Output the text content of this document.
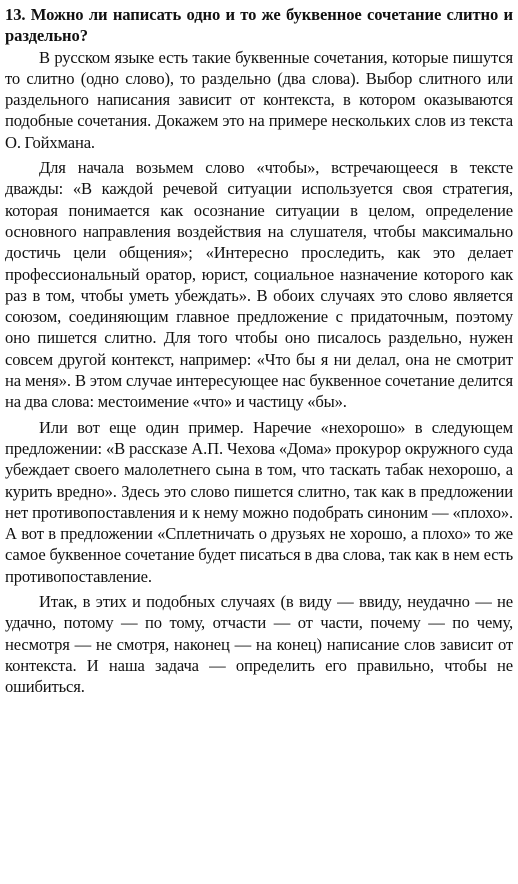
13. Можно ли написать одно и то же буквенное сочетание слитно и раздельно?

В русском языке есть такие буквенные сочетания, которые пишутся то слитно (одно слово), то раздельно (два слова). Выбор слитного или раздельного написания зависит от контекста, в котором оказываются подобные сочетания. Докажем это на примере нескольких слов из текста О. Гойхмана.

Для начала возьмем слово «чтобы», встречающееся в тексте дважды: «В каждой речевой ситуации используется своя стратегия, которая понимается как осознание ситуации в целом, определение основного направления воздействия на слушателя, чтобы максимально достичь цели общения»; «Интересно проследить, как это делает профессиональный оратор, юрист, социальное назначение которого как раз в том, чтобы уметь убеждать». В обоих случаях это слово является союзом, соединяющим главное предложение с придаточным, поэтому оно пишется слитно. Для того чтобы оно писалось раздельно, нужен совсем другой контекст, например: «Что бы я ни делал, она не смотрит на меня». В этом случае интересующее нас буквенное сочетание делится на два слова: местоимение «что» и частицу «бы».

Или вот еще один пример. Наречие «нехорошо» в следующем предложении: «В рассказе А.П. Чехова «Дома» прокурор окружного суда убеждает своего малолетнего сына в том, что таскать табак нехорошо, а курить вредно». Здесь это слово пишется слитно, так как в предложении нет противопоставления и к нему можно подобрать синоним — «плохо». А вот в предложении «Сплетничать о друзьях не хорошо, а плохо» то же самое буквенное сочетание будет писаться в два слова, так как в нем есть противопоставление.

Итак, в этих и подобных случаях (в виду — ввиду, неудачно — не удачно, потому — по тому, отчасти — от части, почему — по чему, несмотря — не смотря, наконец — на конец) написание слов зависит от контекста. И наша задача — определить его правильно, чтобы не ошибиться.
